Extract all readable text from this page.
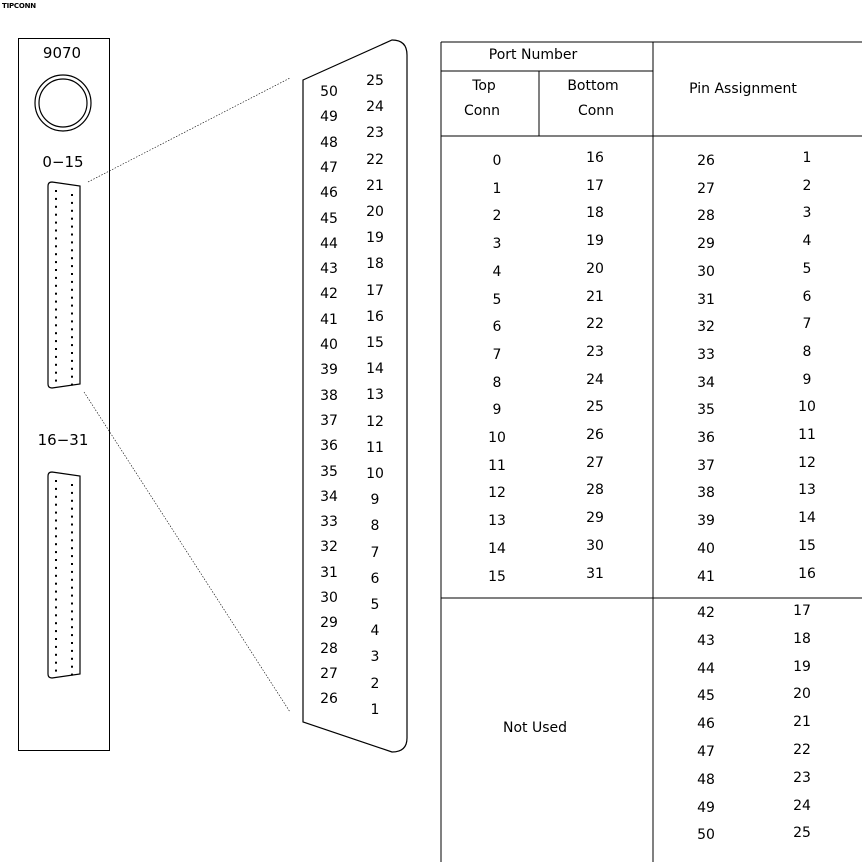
TIPCONN
9070
0−15
16−31
50
49
48
47
46
45
44
43
42
41
40
39
38
37
36
35
34
33
32
31
30
29
28
27
26
25
24
23
22
21
20
19
18
17
16
15
14
13
12
11
10
9
8
7
6
5
4
3
2
1
Port Number
Top
Conn
Bottom
Conn
Pin Assignment
0	16	26	1
1	17	27	2
2	18	28	3
3	19	29	4
4	20	30	5
5	21	31	6
6	22	32	7
7	23	33	8
8	24	34	9
9	25	35	10
10	26	36	11
11	27	37	12
12	28	38	13
13	29	39	14
14	30	40	15
15	31	41	16
42	17
43	18
44	19
45	20
46	21
47	22
48	23
49	24
50	25
Not Used
